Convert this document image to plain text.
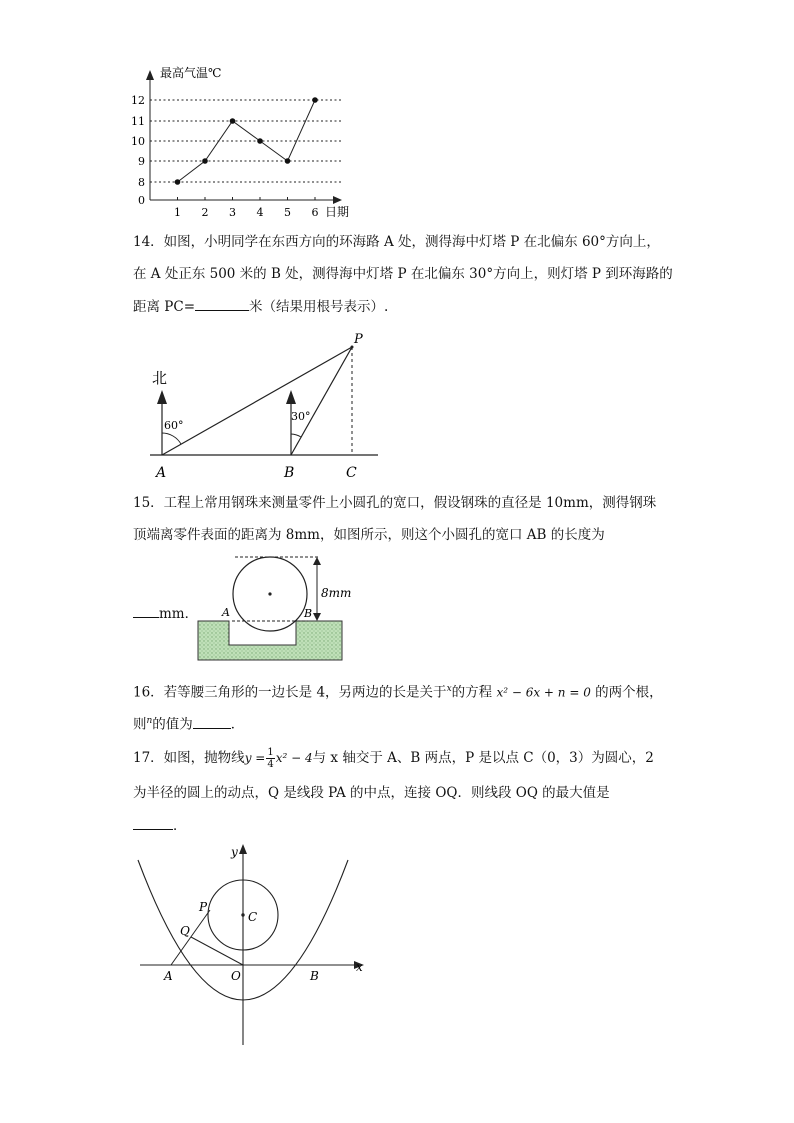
0
8
9
10
11
12
1 2 3 4 5 6
最高气温℃
日期
14．如图，小明同学在东西方向的环海路 A 处，测得海中灯塔 P 在北偏东 60°方向上，
在 A 处正东 500 米的 B 处，测得海中灯塔 P 在北偏东 30°方向上，则灯塔 P 到环海路的
距离 PC=	米（结果用根号表示）.
北
60°
30°
P
A	B	C
15．工程上常用钢珠来测量零件上小圆孔的宽口，假设钢珠的直径是 10mm，测得钢珠
顶端离零件表面的距离为 8mm，如图所示，则这个小圆孔的宽口 AB 的长度为
mm．
8mm
A	B
16．若等腰三角形的一边长是 4，另两边的长是关于$^x$的方程 x² − 6x + n = 0 的两个根，
则$^n$的值为	．
17．如图，抛物线$y = \frac{1}{4} x^2 - 4$与 x 轴交于 A、B 两点，P 是以点 C（0，3）为圆心，2
为半径的圆上的动点，Q 是线段 PA 的中点，连接 OQ．则线段 OQ 的最大值是
．
y
x
C
P
Q
A	O	B
